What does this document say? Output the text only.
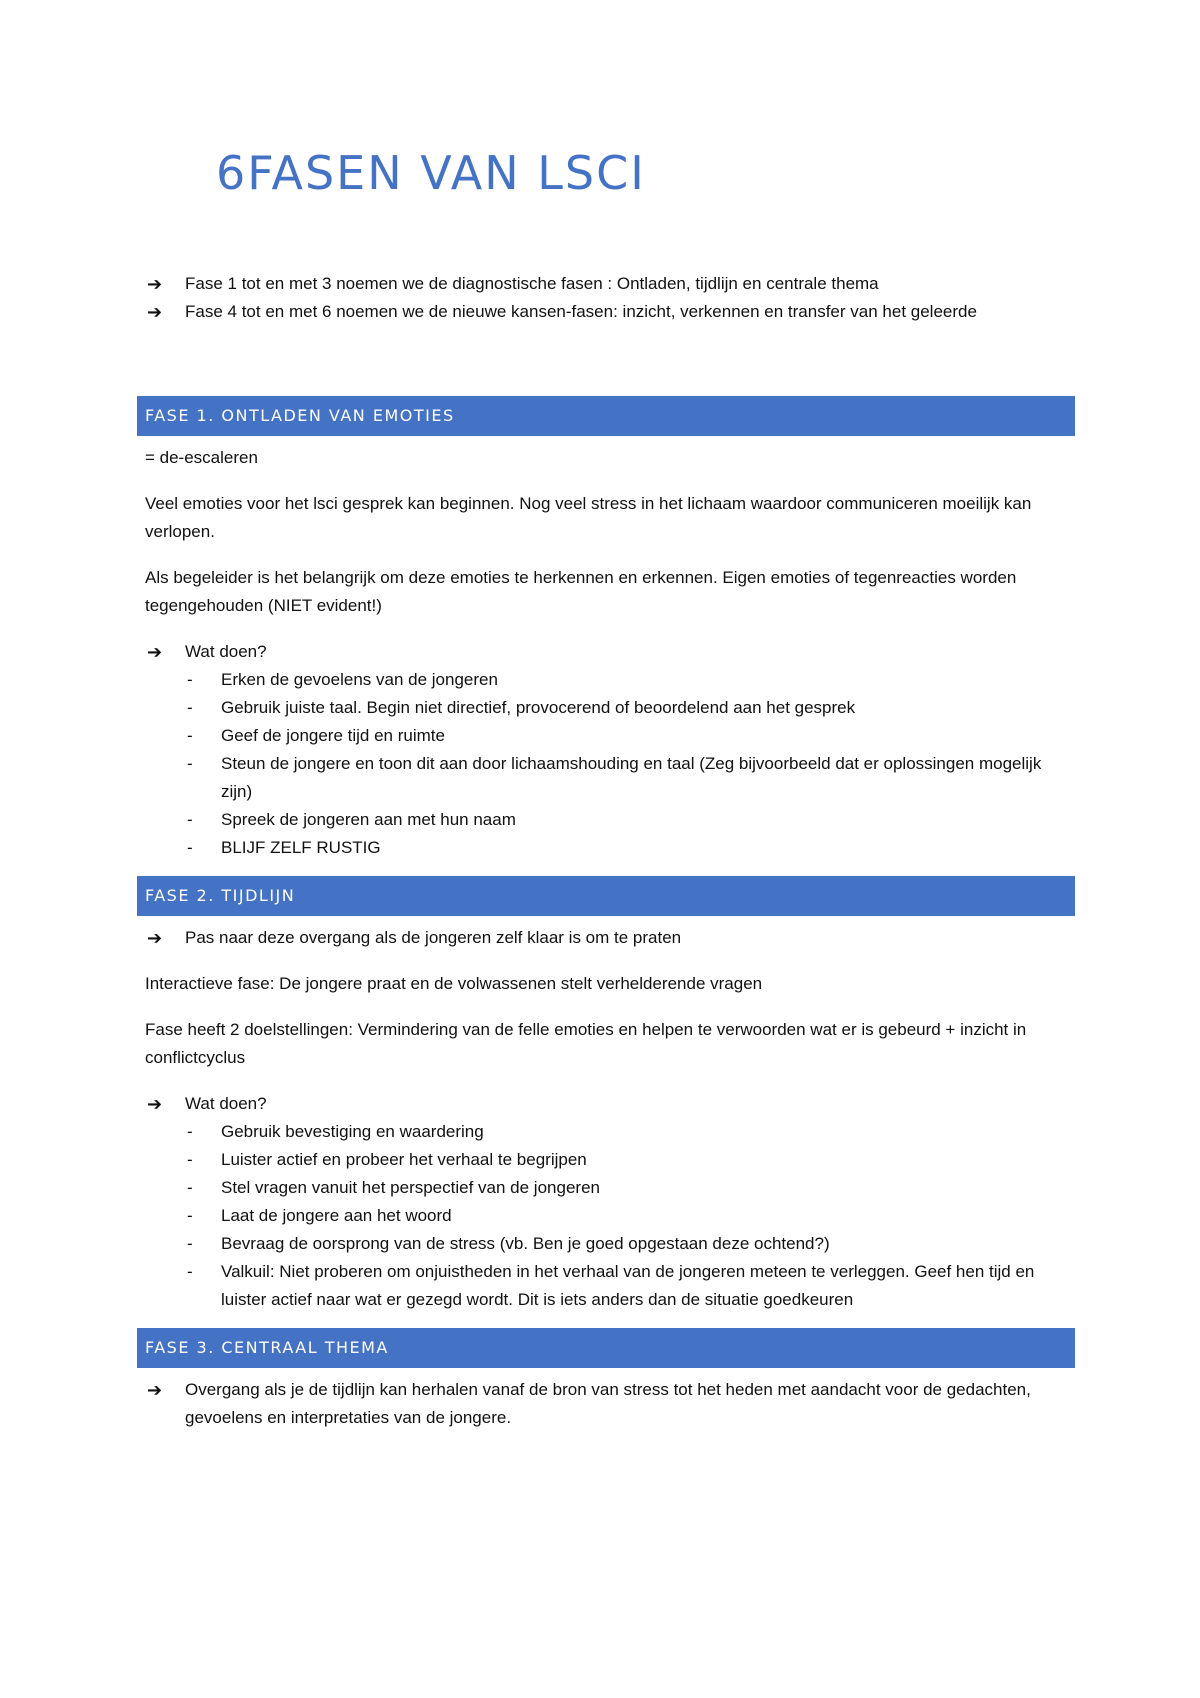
6FASEN VAN LSCI

➔ Fase 1 tot en met 3 noemen we de diagnostische fasen : Ontladen, tijdlijn en centrale thema

➔ Fase 4 tot en met 6 noemen we de nieuwe kansen-fasen: inzicht, verkennen en transfer van het geleerde

FASE 1. ONTLADEN VAN EMOTIES

= de-escaleren

Veel emoties voor het lsci gesprek kan beginnen. Nog veel stress in het lichaam waardoor communiceren moeilijk kan verlopen.

Als begeleider is het belangrijk om deze emoties te herkennen en erkennen. Eigen emoties of tegenreacties worden tegengehouden (NIET evident!)

➔ Wat doen?

- Erken de gevoelens van de jongeren
- Gebruik juiste taal. Begin niet directief, provocerend of beoordelend aan het gesprek
- Geef de jongere tijd en ruimte
- Steun de jongere en toon dit aan door lichaamshouding en taal (Zeg bijvoorbeeld dat er oplossingen mogelijk zijn)
- Spreek de jongeren aan met hun naam
- BLIJF ZELF RUSTIG
FASE 2. TIJDLIJN

➔ Pas naar deze overgang als de jongeren zelf klaar is om te praten

Interactieve fase: De jongere praat en de volwassenen stelt verhelderende vragen

Fase heeft 2 doelstellingen: Vermindering van de felle emoties en helpen te verwoorden wat er is gebeurd + inzicht in conflictcyclus

➔ Wat doen?

- Gebruik bevestiging en waardering
- Luister actief en probeer het verhaal te begrijpen
- Stel vragen vanuit het perspectief van de jongeren
- Laat de jongere aan het woord
- Bevraag de oorsprong van de stress (vb. Ben je goed opgestaan deze ochtend?)
- Valkuil: Niet proberen om onjuistheden in het verhaal van de jongeren meteen te verleggen. Geef hen tijd en luister actief naar wat er gezegd wordt. Dit is iets anders dan de situatie goedkeuren
FASE 3. CENTRAAL THEMA

➔ Overgang als je de tijdlijn kan herhalen vanaf de bron van stress tot het heden met aandacht voor de gedachten, gevoelens en interpretaties van de jongere.
